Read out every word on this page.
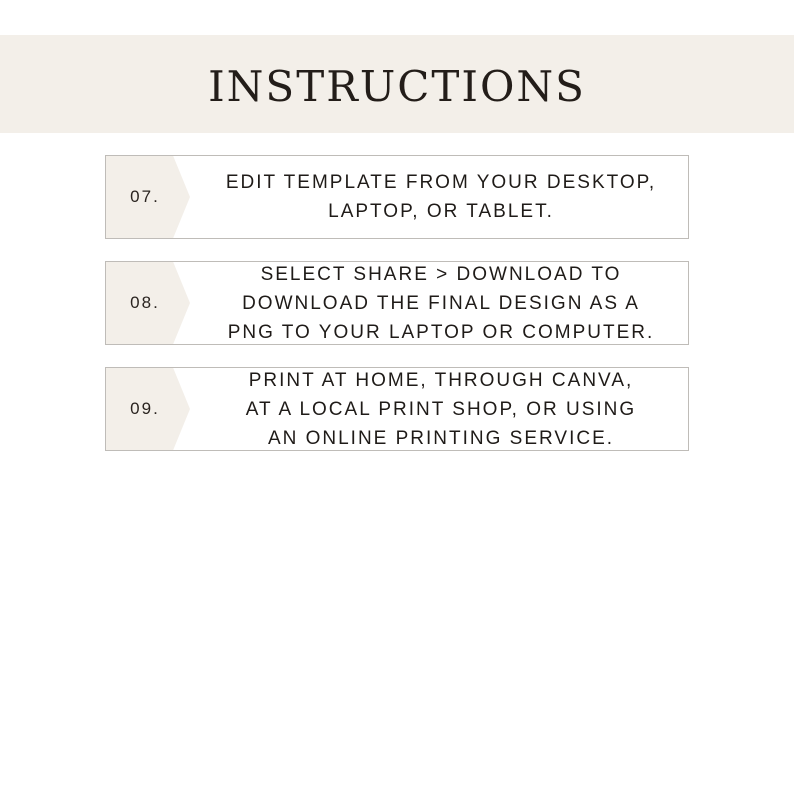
INSTRUCTIONS
07.
EDIT TEMPLATE FROM YOUR DESKTOP,
LAPTOP, OR TABLET.
08.
SELECT SHARE > DOWNLOAD TO
DOWNLOAD THE FINAL DESIGN AS A
PNG TO YOUR LAPTOP OR COMPUTER.
09.
PRINT AT HOME, THROUGH CANVA,
AT A LOCAL PRINT SHOP, OR USING
AN ONLINE PRINTING SERVICE.
